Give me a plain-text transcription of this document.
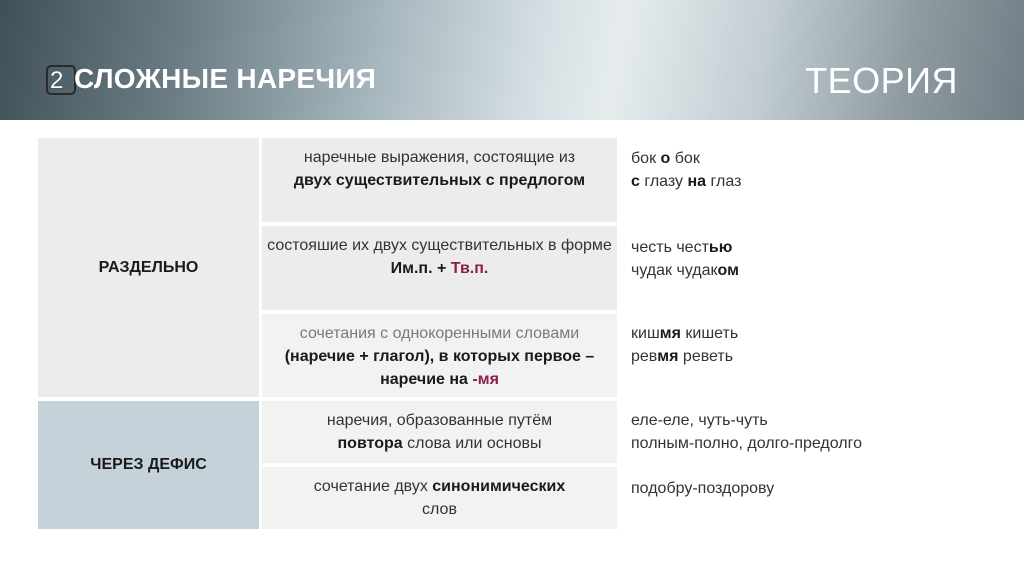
2 СЛОЖНЫЕ НАРЕЧИЯ	ТЕОРИЯ
РАЗДЕЛЬНО
ЧЕРЕЗ ДЕФИС
наречные выражения, состоящие из
двух существительных с предлогом
состояшие их двух существительных в форме
Им.п. + Тв.п.
сочетания с однокоренными словами
(наречие + глагол), в которых первое – наречие на -мя
наречия, образованные путём
повтора слова или основы
сочетание двух синонимических
слов
бок о бок
с глазу на глаз
честь честью
чудак чудаком
кишмя кишеть
ревмя реветь
еле-еле, чуть-чуть
полным-полно, долго-предолго
подобру-поздорову
